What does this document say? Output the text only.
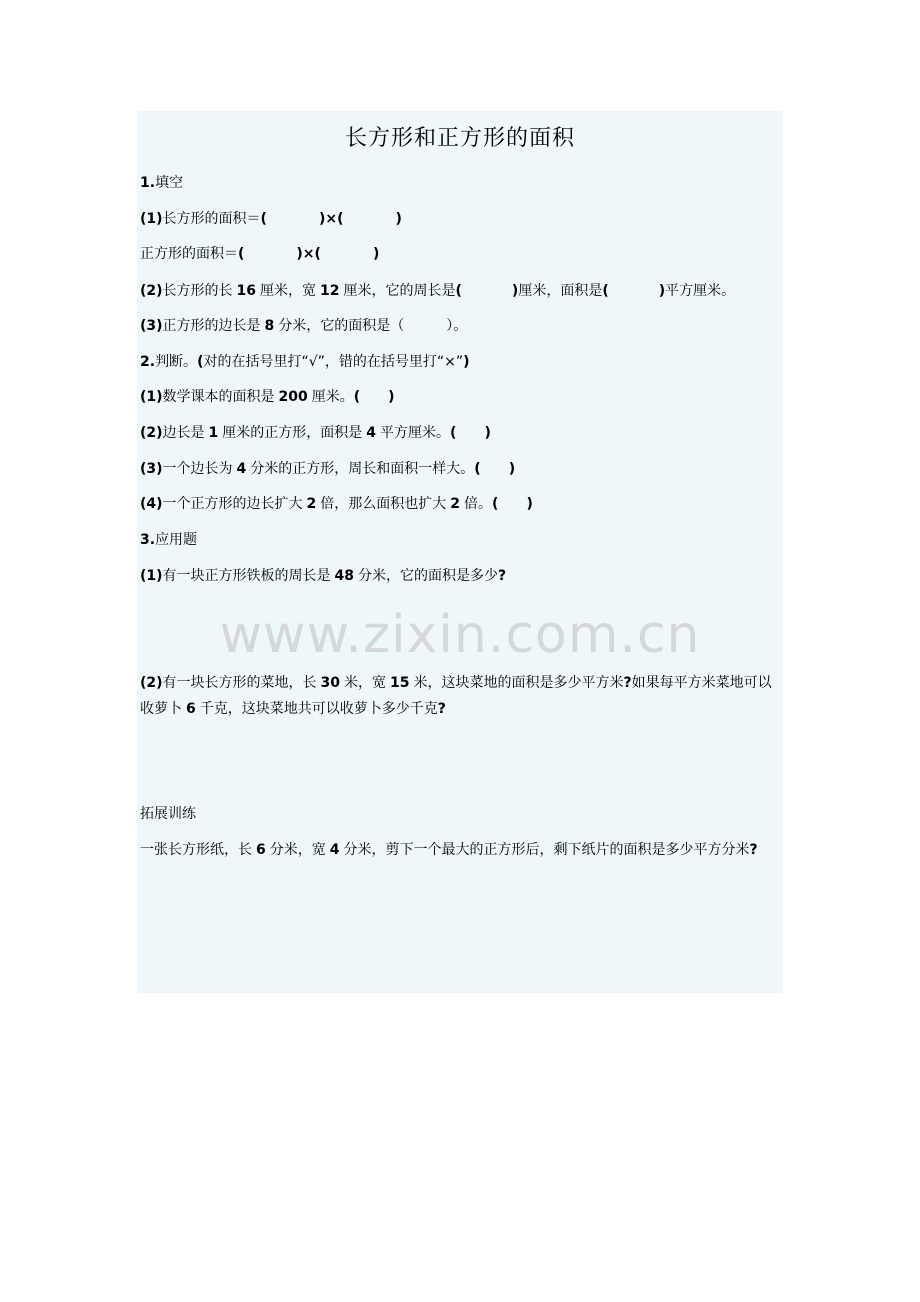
长方形和正方形的面积
1.填空
(1)长方形的面积＝(	)×(	)
正方形的面积＝(	)×(	)
(2)长方形的长 16 厘米，宽 12 厘米，它的周长是(	)厘米，面积是(	)平方厘米。
(3)正方形的边长是 8 分米，它的面积是（　　　）。
2.判断。(对的在括号里打“√”，错的在括号里打“×”)
(1)数学课本的面积是 200 厘米。(　　)
(2)边长是 1 厘米的正方形，面积是 4 平方厘米。(　　)
(3)一个边长为 4 分米的正方形，周长和面积一样大。(　　)
(4)一个正方形的边长扩大 2 倍，那么面积也扩大 2 倍。(　　)
3.应用题
(1)有一块正方形铁板的周长是 48 分米，它的面积是多少?
www.zixin.com.cn
(2)有一块长方形的菜地，长 30 米，宽 15 米，这块菜地的面积是多少平方米?如果每平方米菜地可以收萝卜 6 千克，这块菜地共可以收萝卜多少千克?
拓展训练
一张长方形纸，长 6 分米，宽 4 分米，剪下一个最大的正方形后，剩下纸片的面积是多少平方分米?
